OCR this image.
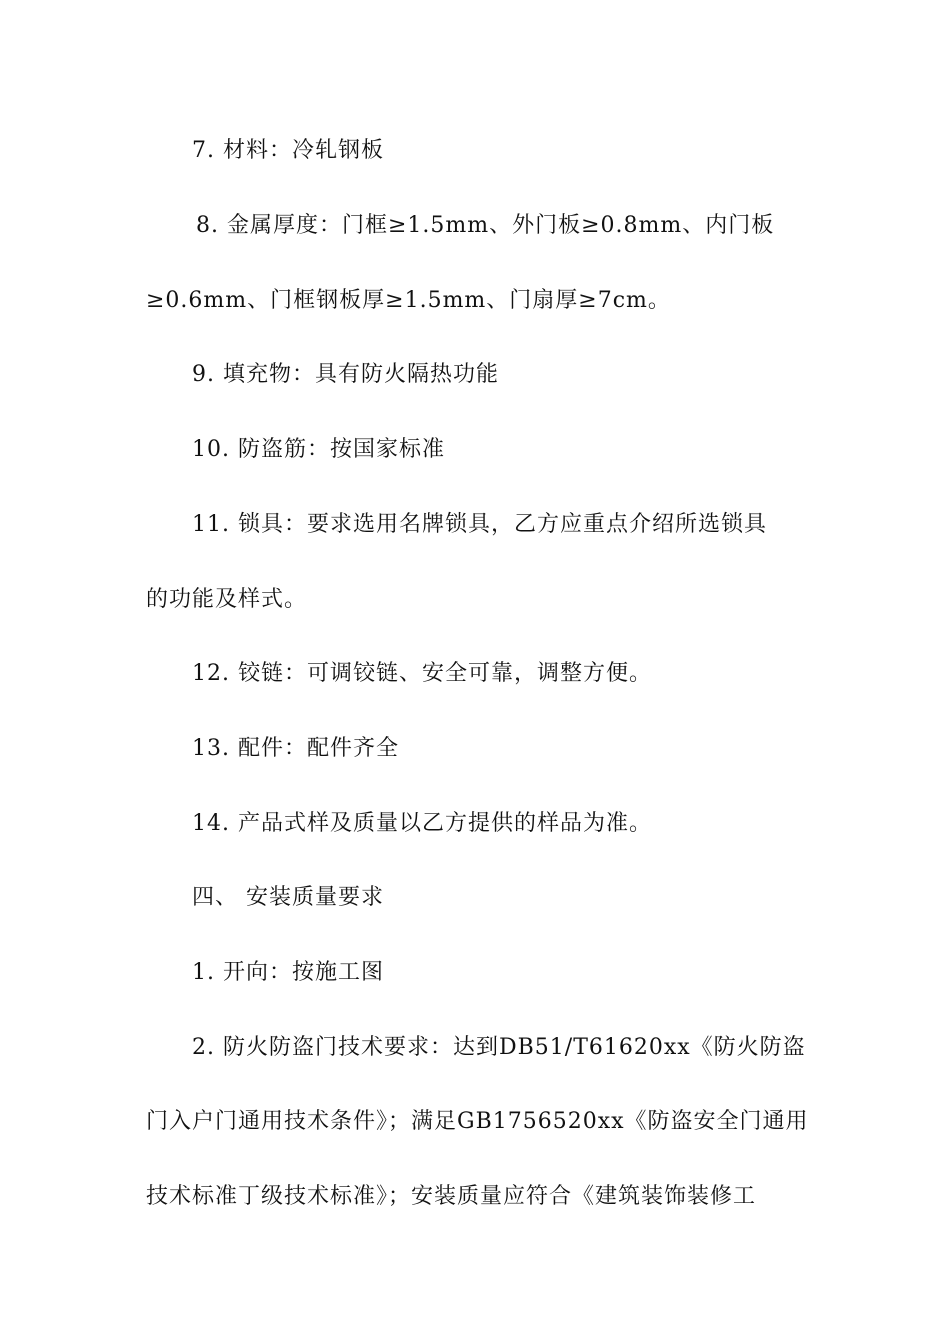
7. 材料：冷轧钢板
8. 金属厚度：门框≥1.5mm、外门板≥0.8mm、内门板
≥0.6mm、门框钢板厚≥1.5mm、门扇厚≥7cm。
9. 填充物：具有防火隔热功能
10. 防盗筋：按国家标准
11. 锁具：要求选用名牌锁具，乙方应重点介绍所选锁具
的功能及样式。
12. 铰链：可调铰链、安全可靠，调整方便。
13. 配件：配件齐全
14. 产品式样及质量以乙方提供的样品为准。
四、 安装质量要求
1. 开向：按施工图
2. 防火防盗门技术要求：达到DB51/T61620xx《防火防盗
门入户门通用技术条件》；满足GB1756520xx《防盗安全门通用
技术标准丁级技术标准》；安装质量应符合《建筑装饰装修工
